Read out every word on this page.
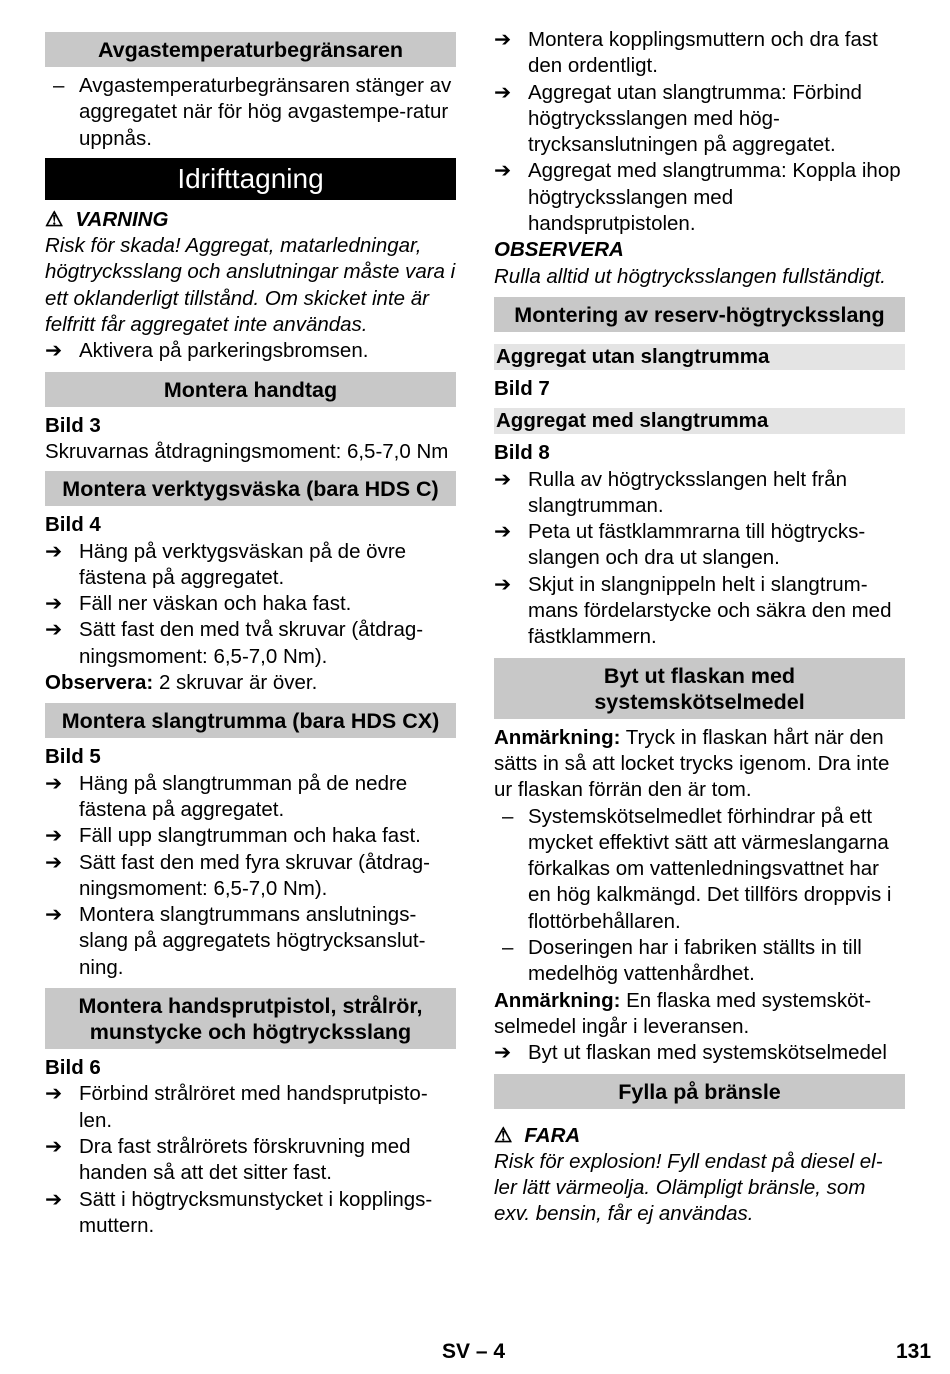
Avgastemperaturbegränsaren
– Avgastemperaturbegränsaren stänger av aggregatet när för hög avgastempe-ratur uppnås.
Idrifttagning

⚠ VARNING

Risk för skada! Aggregat, matarledningar, högtrycksslang och anslutningar måste vara i ett oklanderligt tillstånd. Om skicket inte är felfritt får aggregatet inte användas.

➔ Aktivera på parkeringsbromsen.
Montera handtag

Bild 3

Skruvarnas åtdragningsmoment: 6,5-7,0 Nm

Montera verktygsväska (bara HDS C)

Bild 4

➔ Häng på verktygsväskan på de övre fästena på aggregatet.
➔ Fäll ner väskan och haka fast.
➔ Sätt fast den med två skruvar (åtdrag-ningsmoment: 6,5-7,0 Nm).

Observera: 2 skruvar är över.

Montera slangtrumma (bara HDS CX)

Bild 5

➔ Häng på slangtrumman på de nedre fästena på aggregatet.
➔ Fäll upp slangtrumman och haka fast.
➔ Sätt fast den med fyra skruvar (åtdrag-ningsmoment: 6,5-7,0 Nm).
➔ Montera slangtrummans anslutnings-slang på aggregatets högtrycksanslut-ning.
Montera handsprutpistol, strålrör, munstycke och högtrycksslang

Bild 6

➔ Förbind strålröret med handsprutpisto-len.
➔ Dra fast strålrörets förskruvning med handen så att det sitter fast.
➔ Sätt i högtrycksmunstycket i kopplings-muttern.
➔ Montera kopplingsmuttern och dra fast den ordentligt.
➔ Aggregat utan slangtrumma: Förbind högtrycksslangen med hög-trycksanslutningen på aggregatet.
➔ Aggregat med slangtrumma: Koppla ihop högtrycksslangen med handsprutpistolen.

OBSERVERA

Rulla alltid ut högtrycksslangen fullständigt.

Montering av reserv-högtrycksslang
Aggregat utan slangtrumma

Bild 7

Aggregat med slangtrumma

Bild 8

➔ Rulla av högtrycksslangen helt från slangtrumman.
➔ Peta ut fästklammrarna till högtrycks-slangen och dra ut slangen.
➔ Skjut in slangnippeln helt i slangtrum-mans fördelarstycke och säkra den med fästklammern.
Byt ut flaskan med systemskötselmedel

Anmärkning: Tryck in flaskan hårt när den sätts in så att locket trycks igenom. Dra inte ur flaskan förrän den är tom.

– Systemskötselmedlet förhindrar på ett mycket effektivt sätt att värmeslangarna förkalkas om vattenledningsvattnet har en hög kalkmängd. Det tillförs droppvis i flottörbehållaren.
– Doseringen har i fabriken ställts in till medelhög vattenhårdhet.

Anmärkning: En flaska med systemsköt-selmedel ingår i leveransen.

➔ Byt ut flaskan med systemskötselmedel
Fylla på bränsle

⚠ FARA

Risk för explosion! Fyll endast på diesel el-ler lätt värmeolja. Olämpligt bränsle, som exv. bensin, får ej användas.

SV – 4	131
